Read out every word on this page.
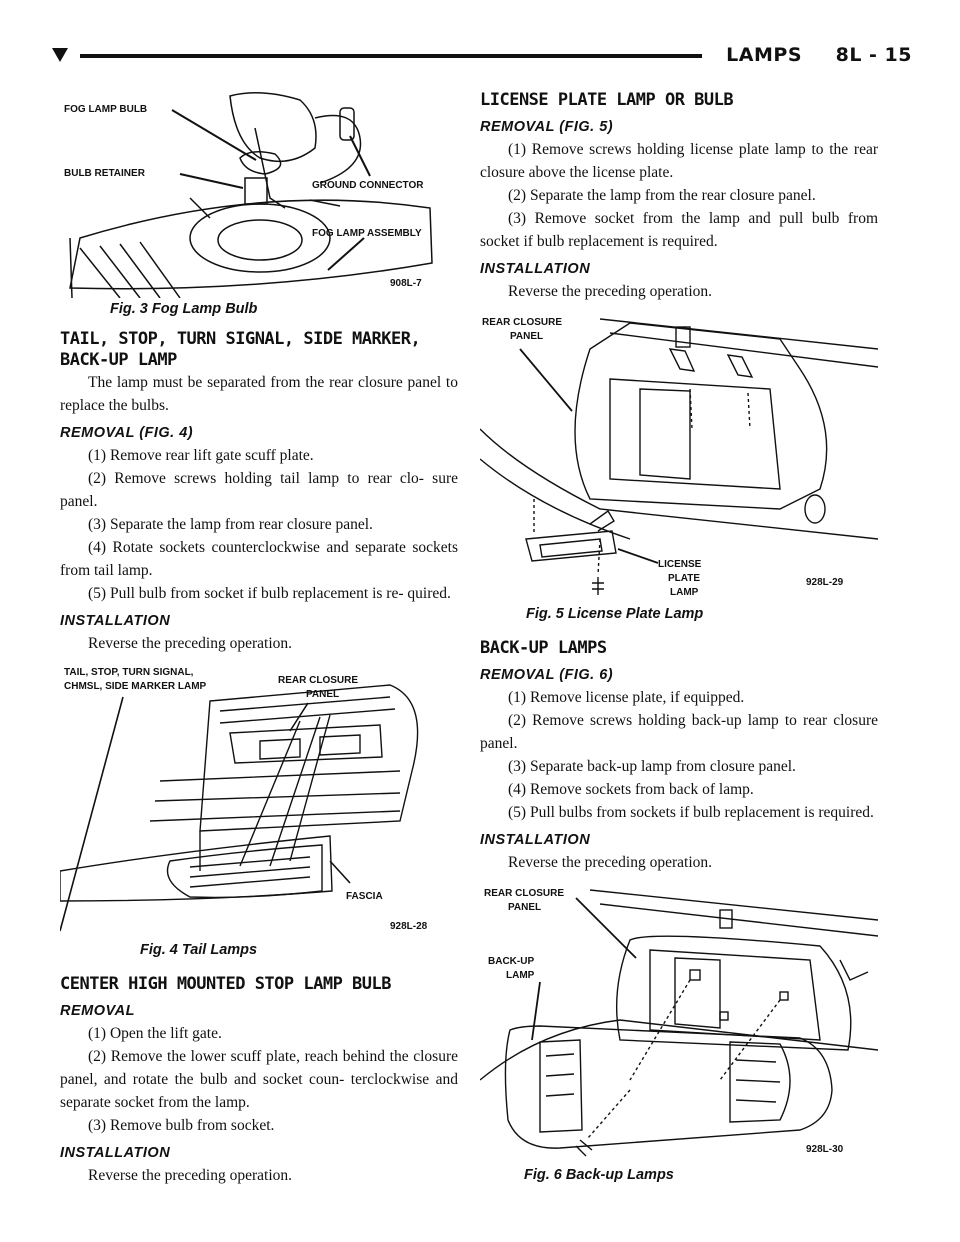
LAMPS 8L - 15
FOG LAMP BULB
BULB RETAINER
GROUND CONNECTOR
FOG LAMP ASSEMBLY
908L-7

Fig. 3 Fog Lamp Bulb

TAIL, STOP, TURN SIGNAL, SIDE MARKER, BACK-UP LAMP

The lamp must be separated from the rear closure panel to replace the bulbs.

REMOVAL (FIG. 4)

(1) Remove rear lift gate scuff plate.

(2) Remove screws holding tail lamp to rear clo- sure panel.

(3) Separate the lamp from rear closure panel.

(4) Rotate sockets counterclockwise and separate sockets from tail lamp.

(5) Pull bulb from socket if bulb replacement is re- quired.

INSTALLATION

Reverse the preceding operation.

TAIL, STOP, TURN SIGNAL,
CHMSL, SIDE MARKER LAMP
REAR CLOSURE
PANEL
FASCIA
928L-28

Fig. 4 Tail Lamps

CENTER HIGH MOUNTED STOP LAMP BULB
REMOVAL

(1) Open the lift gate.

(2) Remove the lower scuff plate, reach behind the closure panel, and rotate the bulb and socket coun- terclockwise and separate socket from the lamp.

(3) Remove bulb from socket.

INSTALLATION

Reverse the preceding operation.

LICENSE PLATE LAMP OR BULB
REMOVAL (FIG. 5)

(1) Remove screws holding license plate lamp to the rear closure above the license plate.

(2) Separate the lamp from the rear closure panel.

(3) Remove socket from the lamp and pull bulb from socket if bulb replacement is required.

INSTALLATION

Reverse the preceding operation.

REAR CLOSURE
PANEL
LICENSE
PLATE
LAMP
928L-29

Fig. 5 License Plate Lamp

BACK-UP LAMPS
REMOVAL (FIG. 6)

(1) Remove license plate, if equipped.

(2) Remove screws holding back-up lamp to rear closure panel.

(3) Separate back-up lamp from closure panel.

(4) Remove sockets from back of lamp.

(5) Pull bulbs from sockets if bulb replacement is required.

INSTALLATION

Reverse the preceding operation.

REAR CLOSURE
PANEL
BACK-UP
LAMP
928L-30

Fig. 6 Back-up Lamps
